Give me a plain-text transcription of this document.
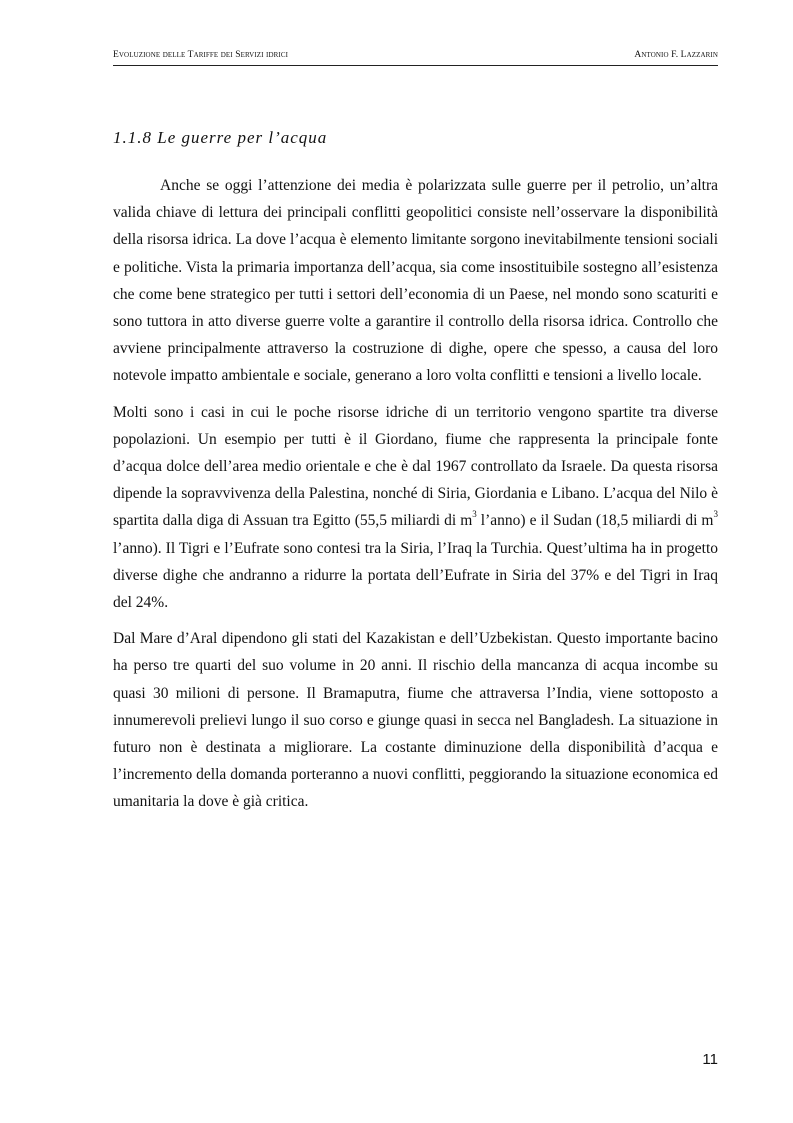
Evoluzione delle Tariffe dei Servizi idrici	Antonio F. Lazzarin
1.1.8 Le guerre per l’acqua

Anche se oggi l’attenzione dei media è polarizzata sulle guerre per il petrolio, un’altra valida chiave di lettura dei principali conflitti geopolitici consiste nell’osservare la disponibilità della risorsa idrica. La dove l’acqua è elemento limitante sorgono inevitabilmente tensioni sociali e politiche. Vista la primaria importanza dell’acqua, sia come insostituibile sostegno all’esistenza che come bene strategico per tutti i settori dell’economia di un Paese, nel mondo sono scaturiti e sono tuttora in atto diverse guerre volte a garantire il controllo della risorsa idrica. Controllo che avviene principalmente attraverso la costruzione di dighe, opere che spesso, a causa del loro notevole impatto ambientale e sociale, generano a loro volta conflitti e tensioni a livello locale.

Molti sono i casi in cui le poche risorse idriche di un territorio vengono spartite tra diverse popolazioni. Un esempio per tutti è il Giordano, fiume che rappresenta la principale fonte d’acqua dolce dell’area medio orientale e che è dal 1967 controllato da Israele. Da questa risorsa dipende la sopravvivenza della Palestina, nonché di Siria, Giordania e Libano. L’acqua del Nilo è spartita dalla diga di Assuan tra Egitto (55,5 miliardi di $m^3$ l’anno) e il Sudan (18,5 miliardi di $m^3$ l’anno). Il Tigri e l’Eufrate sono contesi tra la Siria, l’Iraq la Turchia. Quest’ultima ha in progetto diverse dighe che andranno a ridurre la portata dell’Eufrate in Siria del 37% e del Tigri in Iraq del 24%.

Dal Mare d’Aral dipendono gli stati del Kazakistan e dell’Uzbekistan. Questo importante bacino ha perso tre quarti del suo volume in 20 anni. Il rischio della mancanza di acqua incombe su quasi 30 milioni di persone. Il Bramaputra, fiume che attraversa l’India, viene sottoposto a innumerevoli prelievi lungo il suo corso e giunge quasi in secca nel Bangladesh. La situazione in futuro non è destinata a migliorare. La costante diminuzione della disponibilità d’acqua e l’incremento della domanda porteranno a nuovi conflitti, peggiorando la situazione economica ed umanitaria la dove è già critica.

11
